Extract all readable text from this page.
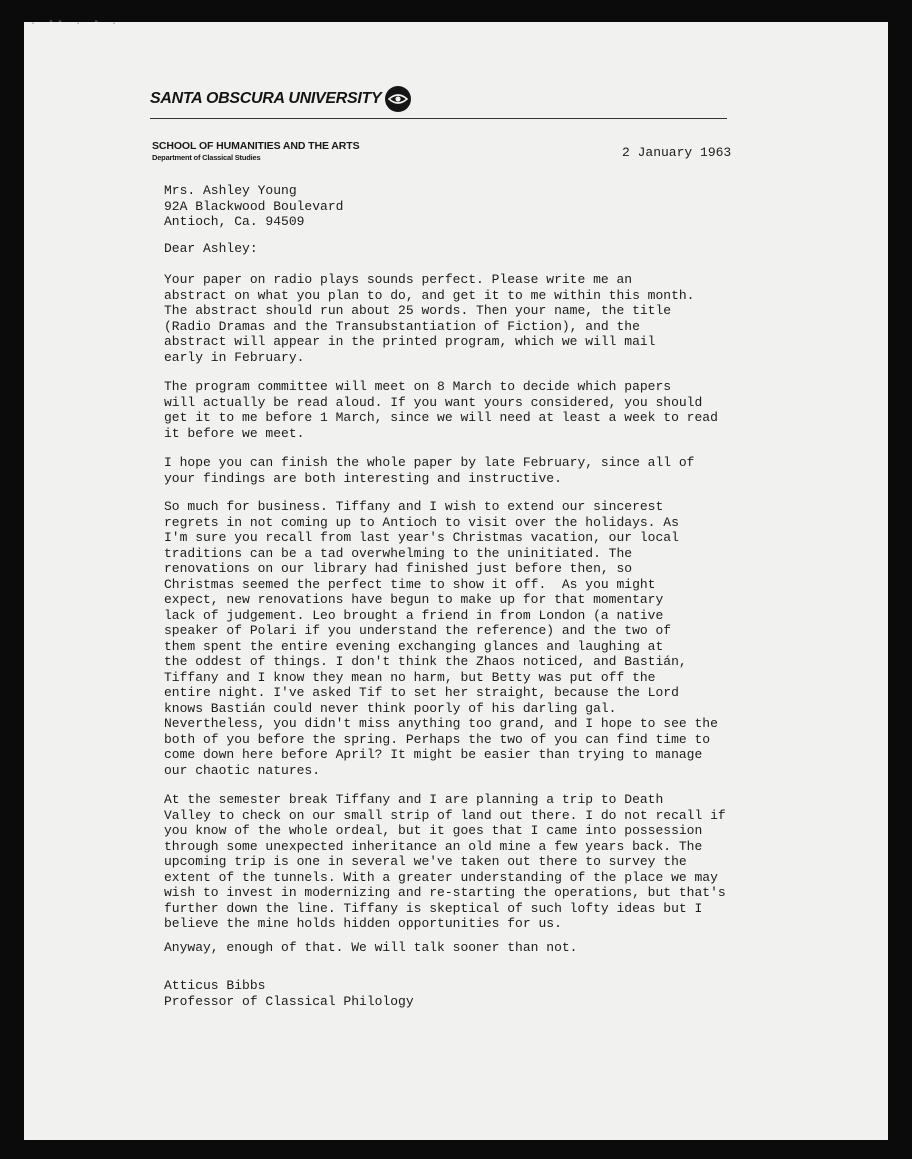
. -- . - .
SANTA OBSCURA UNIVERSITY
SCHOOL OF HUMANITIES AND THE ARTS
Department of Classical Studies	2 January 1963
Mrs. Ashley Young
92A Blackwood Boulevard
Antioch, Ca. 94509
Dear Ashley:
Your paper on radio plays sounds perfect. Please write me an
abstract on what you plan to do, and get it to me within this month.
The abstract should run about 25 words. Then your name, the title
(Radio Dramas and the Transubstantiation of Fiction), and the
abstract will appear in the printed program, which we will mail
early in February.
The program committee will meet on 8 March to decide which papers
will actually be read aloud. If you want yours considered, you should
get it to me before 1 March, since we will need at least a week to read
it before we meet.
I hope you can finish the whole paper by late February, since all of
your findings are both interesting and instructive.
So much for business. Tiffany and I wish to extend our sincerest
regrets in not coming up to Antioch to visit over the holidays. As
I'm sure you recall from last year's Christmas vacation, our local
traditions can be a tad overwhelming to the uninitiated. The
renovations on our library had finished just before then, so
Christmas seemed the perfect time to show it off.  As you might
expect, new renovations have begun to make up for that momentary
lack of judgement. Leo brought a friend in from London (a native
speaker of Polari if you understand the reference) and the two of
them spent the entire evening exchanging glances and laughing at
the oddest of things. I don't think the Zhaos noticed, and Bastián,
Tiffany and I know they mean no harm, but Betty was put off the
entire night. I've asked Tif to set her straight, because the Lord
knows Bastián could never think poorly of his darling gal.
Nevertheless, you didn't miss anything too grand, and I hope to see the
both of you before the spring. Perhaps the two of you can find time to
come down here before April? It might be easier than trying to manage
our chaotic natures.
At the semester break Tiffany and I are planning a trip to Death
Valley to check on our small strip of land out there. I do not recall if
you know of the whole ordeal, but it goes that I came into possession
through some unexpected inheritance an old mine a few years back. The
upcoming trip is one in several we've taken out there to survey the
extent of the tunnels. With a greater understanding of the place we may
wish to invest in modernizing and re-starting the operations, but that's
further down the line. Tiffany is skeptical of such lofty ideas but I
believe the mine holds hidden opportunities for us.
Anyway, enough of that. We will talk sooner than not.
Atticus Bibbs
Professor of Classical Philology
